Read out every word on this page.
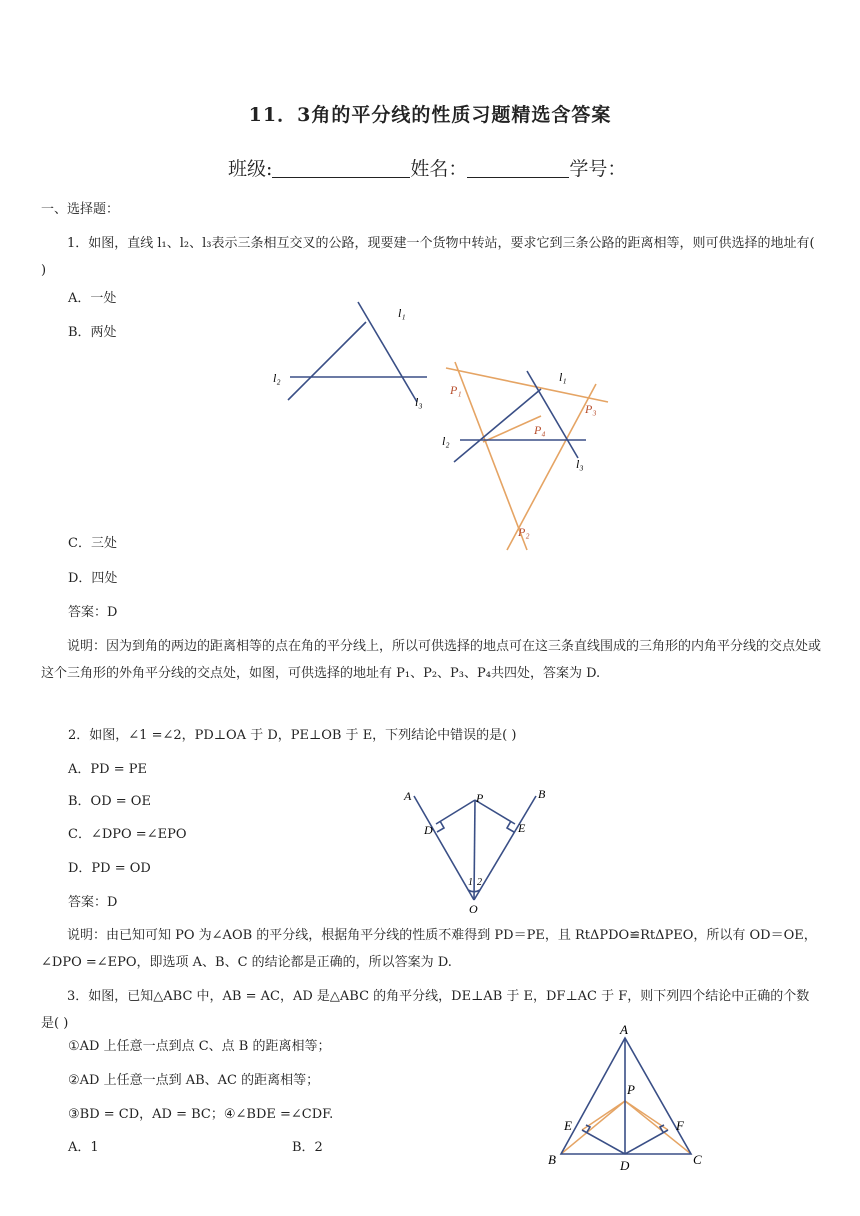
11．3角的平分线的性质习题精选含答案
班级:	姓名：	学号：
一、选择题：
1．如图，直线 l₁、l₂、l₃表示三条相互交叉的公路，现要建一个货物中转站，要求它到三条公路的距离相等，则可供选择的地址有( )
A．一处
B．两处
l₁
l₂
l₃
l₁
l₂
l₃
P₁
P₂
P₃
P₄
C．三处
D．四处
答案：D
说明：因为到角的两边的距离相等的点在角的平分线上，所以可供选择的地点可在这三条直线围成的三角形的内角平分线的交点处或这个三角形的外角平分线的交点处，如图，可供选择的地址有 P₁、P₂、P₃、P₄共四处，答案为 D.
2．如图，∠1 =∠2，PD⊥OA 于 D，PE⊥OB 于 E，下列结论中错误的是( )
A．PD = PE
B．OD = OE
C．∠DPO =∠EPO
D．PD = OD
答案：D
A	B
P
D	E
O
1 2
说明：由已知可知 PO 为∠AOB 的平分线，根据角平分线的性质不难得到 PD＝PE，且 RtΔPDO≌RtΔPEO，所以有 OD＝OE，∠DPO =∠EPO，即选项 A、B、C 的结论都是正确的，所以答案为 D.
3．如图，已知△ABC 中，AB = AC，AD 是△ABC 的角平分线，DE⊥AB 于 E，DF⊥AC 于 F，则下列四个结论中正确的个数是( )
①AD 上任意一点到点 C、点 B 的距离相等；
②AD 上任意一点到 AB、AC 的距离相等；
③BD = CD，AD = BC；④∠BDE =∠CDF.
A．1	B．2
A
B	C
D
E	F
P
